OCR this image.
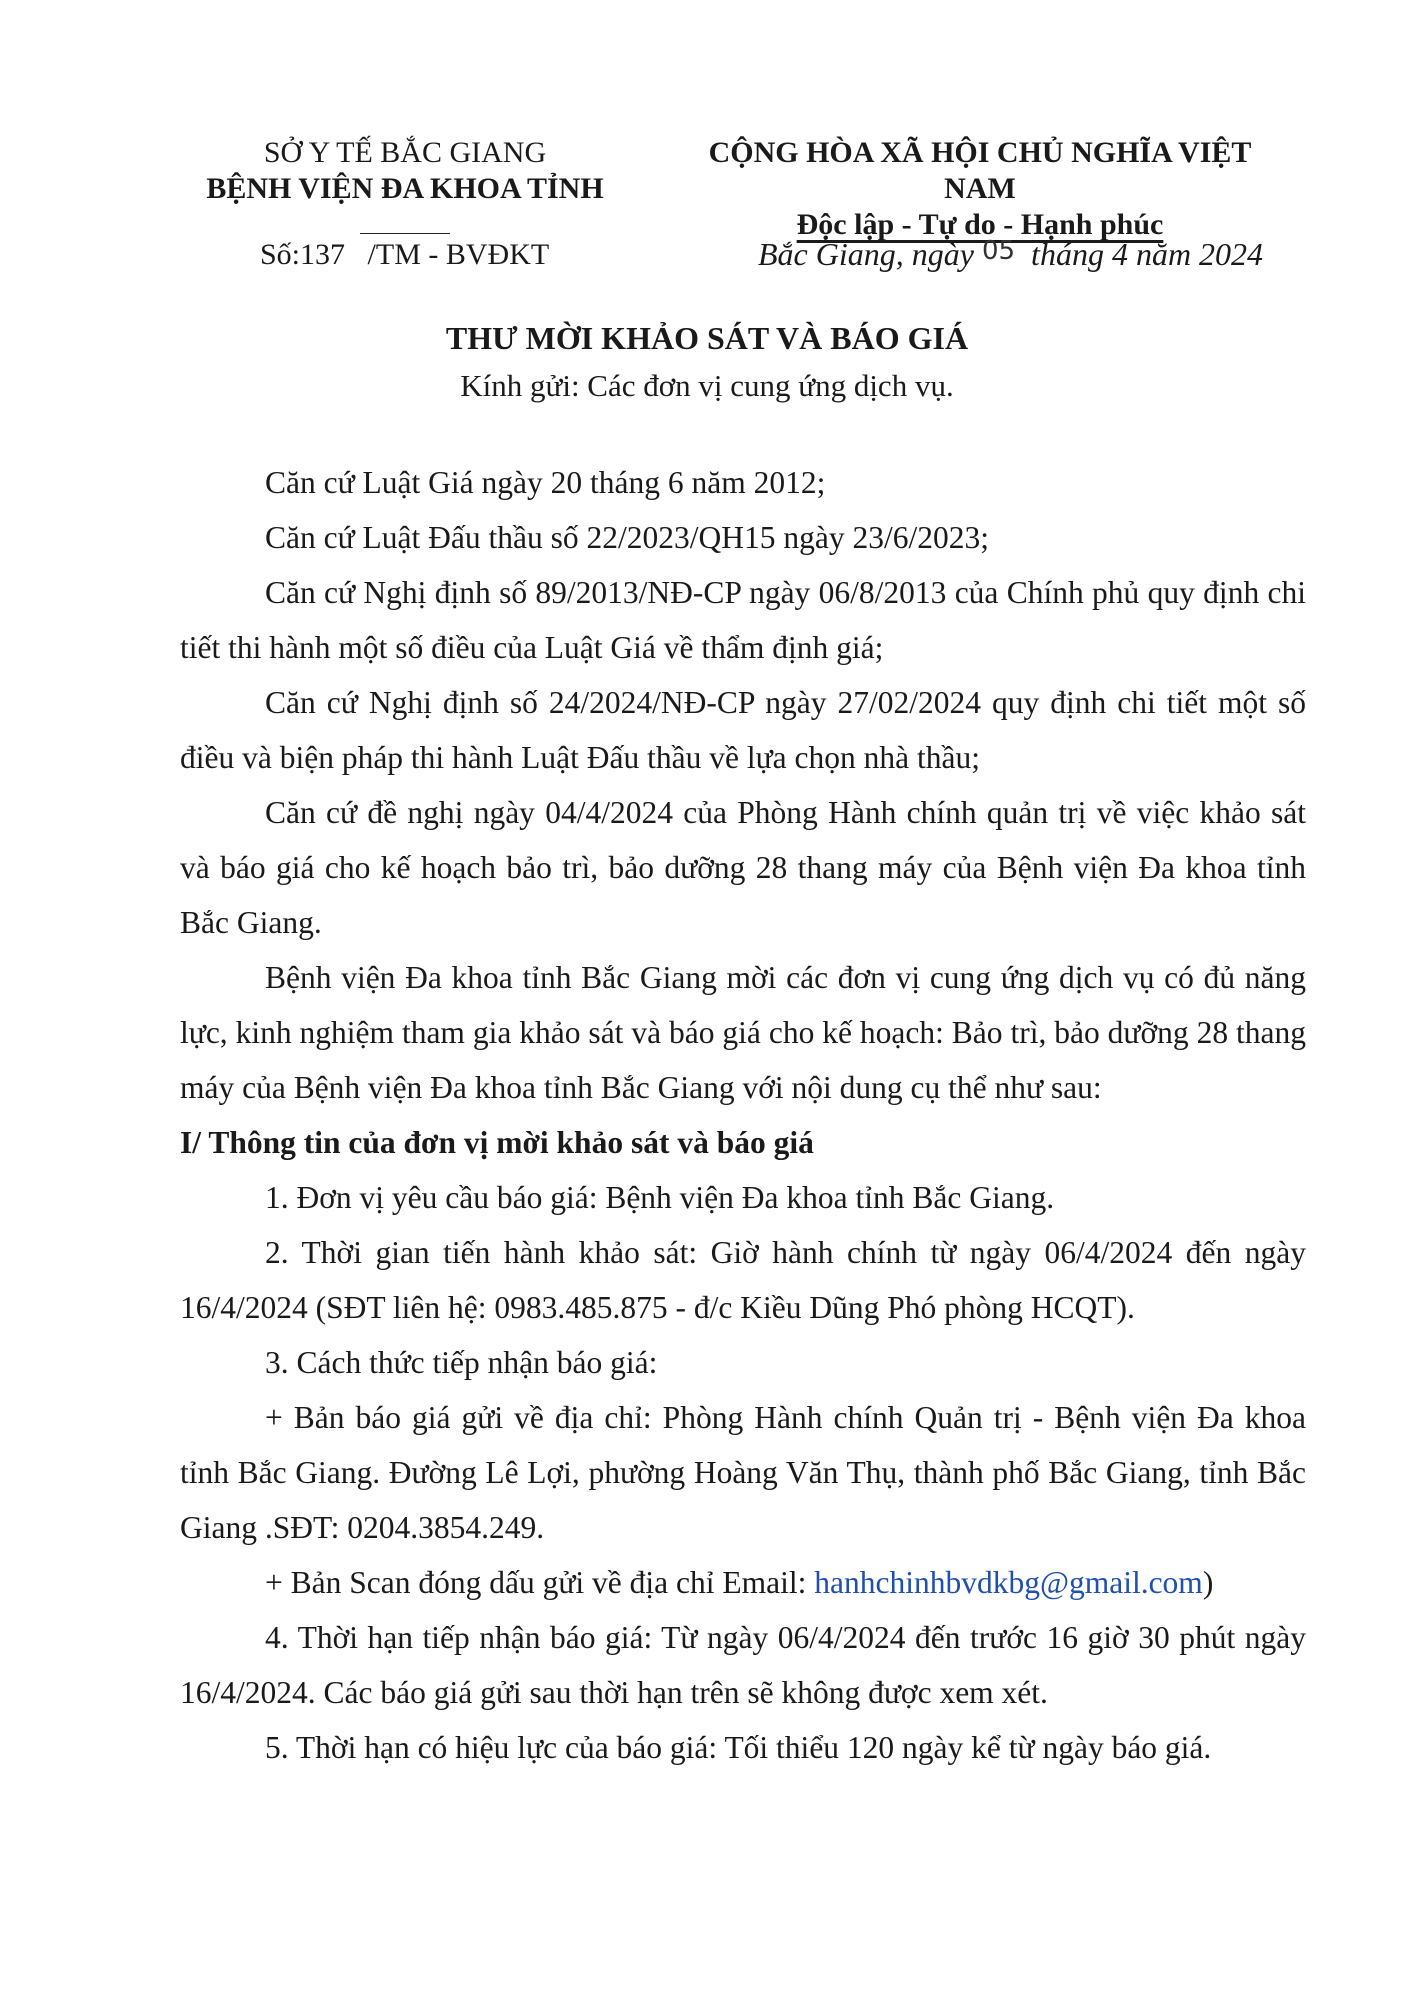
SỞ Y TẾ BẮC GIANG
BỆNH VIỆN ĐA KHOA TỈNH
CỘNG HÒA XÃ HỘI CHỦ NGHĨA VIỆT NAM
Độc lập - Tự do - Hạnh phúc
Số:137 /TM - BVĐKT	Bắc Giang, ngày 05 tháng 4 năm 2024
THƯ MỜI KHẢO SÁT VÀ BÁO GIÁ
Kính gửi: Các đơn vị cung ứng dịch vụ.

Căn cứ Luật Giá ngày 20 tháng 6 năm 2012;

Căn cứ Luật Đấu thầu số 22/2023/QH15 ngày 23/6/2023;

Căn cứ Nghị định số 89/2013/NĐ-CP ngày 06/8/2013 của Chính phủ quy định chi tiết thi hành một số điều của Luật Giá về thẩm định giá;

Căn cứ Nghị định số 24/2024/NĐ-CP ngày 27/02/2024 quy định chi tiết một số điều và biện pháp thi hành Luật Đấu thầu về lựa chọn nhà thầu;

Căn cứ đề nghị ngày 04/4/2024 của Phòng Hành chính quản trị về việc khảo sát và báo giá cho kế hoạch bảo trì, bảo dưỡng 28 thang máy của Bệnh viện Đa khoa tỉnh Bắc Giang.

Bệnh viện Đa khoa tỉnh Bắc Giang mời các đơn vị cung ứng dịch vụ có đủ năng lực, kinh nghiệm tham gia khảo sát và báo giá cho kế hoạch: Bảo trì, bảo dưỡng 28 thang máy của Bệnh viện Đa khoa tỉnh Bắc Giang với nội dung cụ thể như sau:

I/ Thông tin của đơn vị mời khảo sát và báo giá

1. Đơn vị yêu cầu báo giá: Bệnh viện Đa khoa tỉnh Bắc Giang.

2. Thời gian tiến hành khảo sát: Giờ hành chính từ ngày 06/4/2024 đến ngày 16/4/2024 (SĐT liên hệ: 0983.485.875 - đ/c Kiều Dũng Phó phòng HCQT).

3. Cách thức tiếp nhận báo giá:

+ Bản báo giá gửi về địa chỉ: Phòng Hành chính Quản trị - Bệnh viện Đa khoa tỉnh Bắc Giang. Đường Lê Lợi, phường Hoàng Văn Thụ, thành phố Bắc Giang, tỉnh Bắc Giang .SĐT: 0204.3854.249.

+ Bản Scan đóng dấu gửi về địa chỉ Email: hanhchinhbvdkbg@gmail.com)

4. Thời hạn tiếp nhận báo giá: Từ ngày 06/4/2024 đến trước 16 giờ 30 phút ngày 16/4/2024. Các báo giá gửi sau thời hạn trên sẽ không được xem xét.

5. Thời hạn có hiệu lực của báo giá: Tối thiểu 120 ngày kể từ ngày báo giá.
